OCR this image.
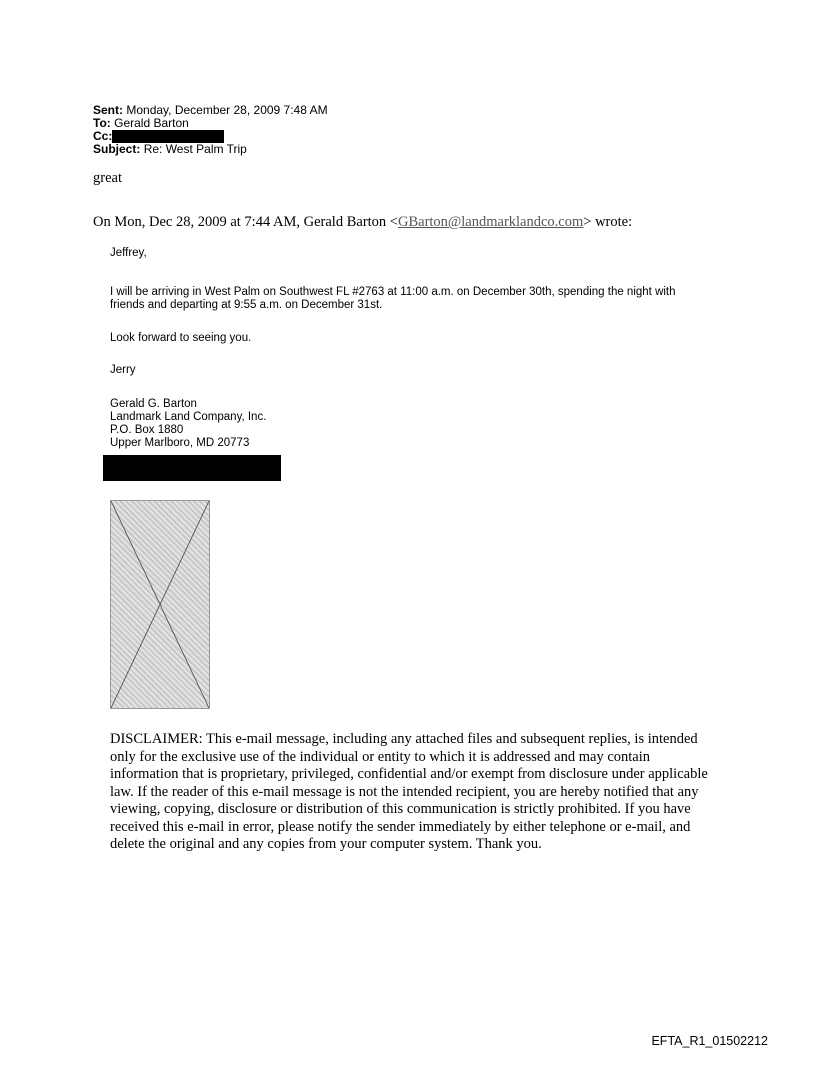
Sent: Monday, December 28, 2009 7:48 AM
To: Gerald Barton
Cc:
Subject: Re: West Palm Trip
great
On Mon, Dec 28, 2009 at 7:44 AM, Gerald Barton <GBarton@landmarklandco.com> wrote:
Jeffrey,
I will be arriving in West Palm on Southwest FL #2763 at 11:00 a.m. on December 30th, spending the night with friends and departing at 9:55 a.m. on December 31st.
Look forward to seeing you.
Jerry
Gerald G. Barton
Landmark Land Company, Inc.
P.O. Box 1880
Upper Marlboro, MD 20773
DISCLAIMER: This e-mail message, including any attached files and subsequent replies, is intended only for the exclusive use of the individual or entity to which it is addressed and may contain information that is proprietary, privileged, confidential and/or exempt from disclosure under applicable law. If the reader of this e-mail message is not the intended recipient, you are hereby notified that any viewing, copying, disclosure or distribution of this communication is strictly prohibited. If you have received this e-mail in error, please notify the sender immediately by either telephone or e-mail, and delete the original and any copies from your computer system. Thank you.
EFTA_R1_01502212
